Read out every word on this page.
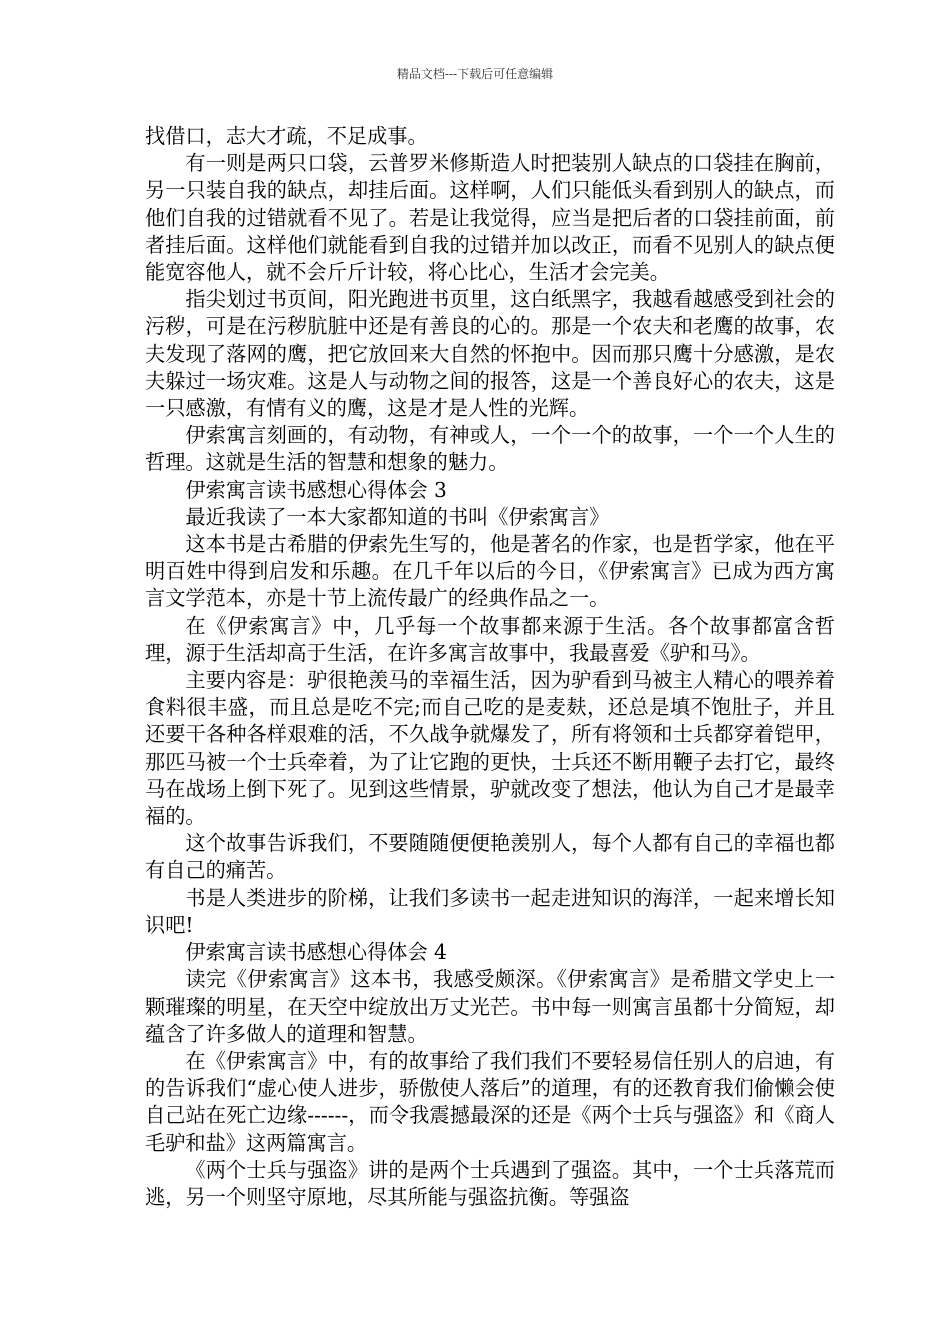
精品文档---下载后可任意编辑

找借口，志大才疏，不足成事。

有一则是两只口袋，云普罗米修斯造人时把装别人缺点的口袋挂在胸前，另一只装自我的缺点，却挂后面。这样啊，人们只能低头看到别人的缺点，而他们自我的过错就看不见了。若是让我觉得，应当是把后者的口袋挂前面，前者挂后面。这样他们就能看到自我的过错并加以改正，而看不见别人的缺点便能宽容他人，就不会斤斤计较，将心比心，生活才会完美。

指尖划过书页间，阳光跑进书页里，这白纸黑字，我越看越感受到社会的污秽，可是在污秽肮脏中还是有善良的心的。那是一个农夫和老鹰的故事，农夫发现了落网的鹰，把它放回来大自然的怀抱中。因而那只鹰十分感激，是农夫躲过一场灾难。这是人与动物之间的报答，这是一个善良好心的农夫，这是一只感激，有情有义的鹰，这是才是人性的光辉。

伊索寓言刻画的，有动物，有神或人，一个一个的故事，一个一个人生的哲理。这就是生活的智慧和想象的魅力。

伊索寓言读书感想心得体会 3

最近我读了一本大家都知道的书叫《伊索寓言》

这本书是古希腊的伊索先生写的，他是著名的作家，也是哲学家，他在平明百姓中得到启发和乐趣。在几千年以后的今日，《伊索寓言》已成为西方寓言文学范本，亦是十节上流传最广的经典作品之一。

在《伊索寓言》中，几乎每一个故事都来源于生活。各个故事都富含哲理，源于生活却高于生活，在许多寓言故事中，我最喜爱《驴和马》。

主要内容是：驴很艳羡马的幸福生活，因为驴看到马被主人精心的喂养着食料很丰盛，而且总是吃不完;而自己吃的是麦麸，还总是填不饱肚子，并且还要干各种各样艰难的活，不久战争就爆发了，所有将领和士兵都穿着铠甲，那匹马被一个士兵牵着，为了让它跑的更快，士兵还不断用鞭子去打它，最终马在战场上倒下死了。见到这些情景，驴就改变了想法，他认为自己才是最幸福的。

这个故事告诉我们，不要随随便便艳羡别人，每个人都有自己的幸福也都有自己的痛苦。

书是人类进步的阶梯，让我们多读书一起走进知识的海洋，一起来增长知识吧!

伊索寓言读书感想心得体会 4

读完《伊索寓言》这本书，我感受颇深。《伊索寓言》是希腊文学史上一颗璀璨的明星，在天空中绽放出万丈光芒。书中每一则寓言虽都十分简短，却蕴含了许多做人的道理和智慧。

在《伊索寓言》中，有的故事给了我们我们不要轻易信任别人的启迪，有的告诉我们“虚心使人进步，骄傲使人落后”的道理，有的还教育我们偷懒会使自己站在死亡边缘------，而令我震撼最深的还是《两个士兵与强盗》和《商人毛驴和盐》这两篇寓言。

《两个士兵与强盗》讲的是两个士兵遇到了强盗。其中，一个士兵落荒而逃，另一个则坚守原地，尽其所能与强盗抗衡。等强盗
